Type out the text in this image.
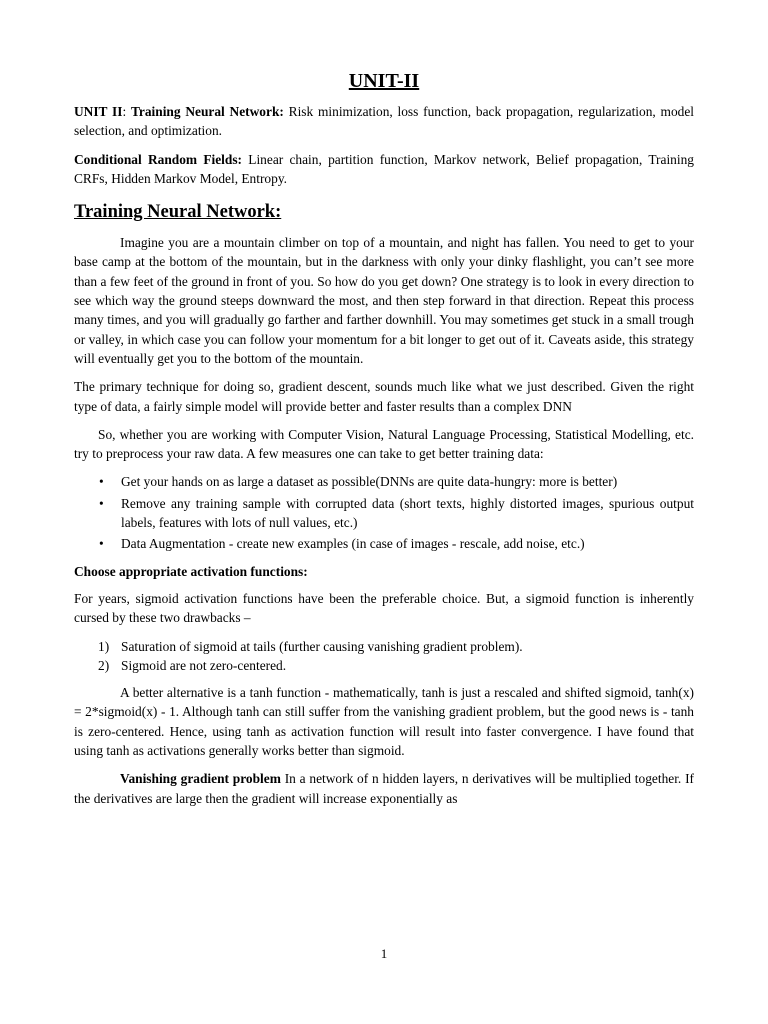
UNIT-II

UNIT II: Training Neural Network: Risk minimization, loss function, back propagation, regularization, model selection, and optimization.

Conditional Random Fields: Linear chain, partition function, Markov network, Belief propagation, Training CRFs, Hidden Markov Model, Entropy.

Training Neural Network:

Imagine you are a mountain climber on top of a mountain, and night has fallen. You need to get to your base camp at the bottom of the mountain, but in the darkness with only your dinky flashlight, you can’t see more than a few feet of the ground in front of you. So how do you get down? One strategy is to look in every direction to see which way the ground steeps downward the most, and then step forward in that direction. Repeat this process many times, and you will gradually go farther and farther downhill. You may sometimes get stuck in a small trough or valley, in which case you can follow your momentum for a bit longer to get out of it. Caveats aside, this strategy will eventually get you to the bottom of the mountain.

The primary technique for doing so, gradient descent, sounds much like what we just described. Given the right type of data, a fairly simple model will provide better and faster results than a complex DNN

So, whether you are working with Computer Vision, Natural Language Processing, Statistical Modelling, etc. try to preprocess your raw data. A few measures one can take to get better training data:

• Get your hands on as large a dataset as possible(DNNs are quite data-hungry: more is better)
• Remove any training sample with corrupted data (short texts, highly distorted images, spurious output labels, features with lots of null values, etc.)
• Data Augmentation - create new examples (in case of images - rescale, add noise, etc.)
Choose appropriate activation functions:

For years, sigmoid activation functions have been the preferable choice. But, a sigmoid function is inherently cursed by these two drawbacks –

1) Saturation of sigmoid at tails (further causing vanishing gradient problem).
2) Sigmoid are not zero-centered.

A better alternative is a tanh function - mathematically, tanh is just a rescaled and shifted sigmoid, tanh(x) = 2*sigmoid(x) - 1. Although tanh can still suffer from the vanishing gradient problem, but the good news is - tanh is zero-centered. Hence, using tanh as activation function will result into faster convergence. I have found that using tanh as activations generally works better than sigmoid.

Vanishing gradient problem In a network of n hidden layers, n derivatives will be multiplied together. If the derivatives are large then the gradient will increase exponentially as

1
